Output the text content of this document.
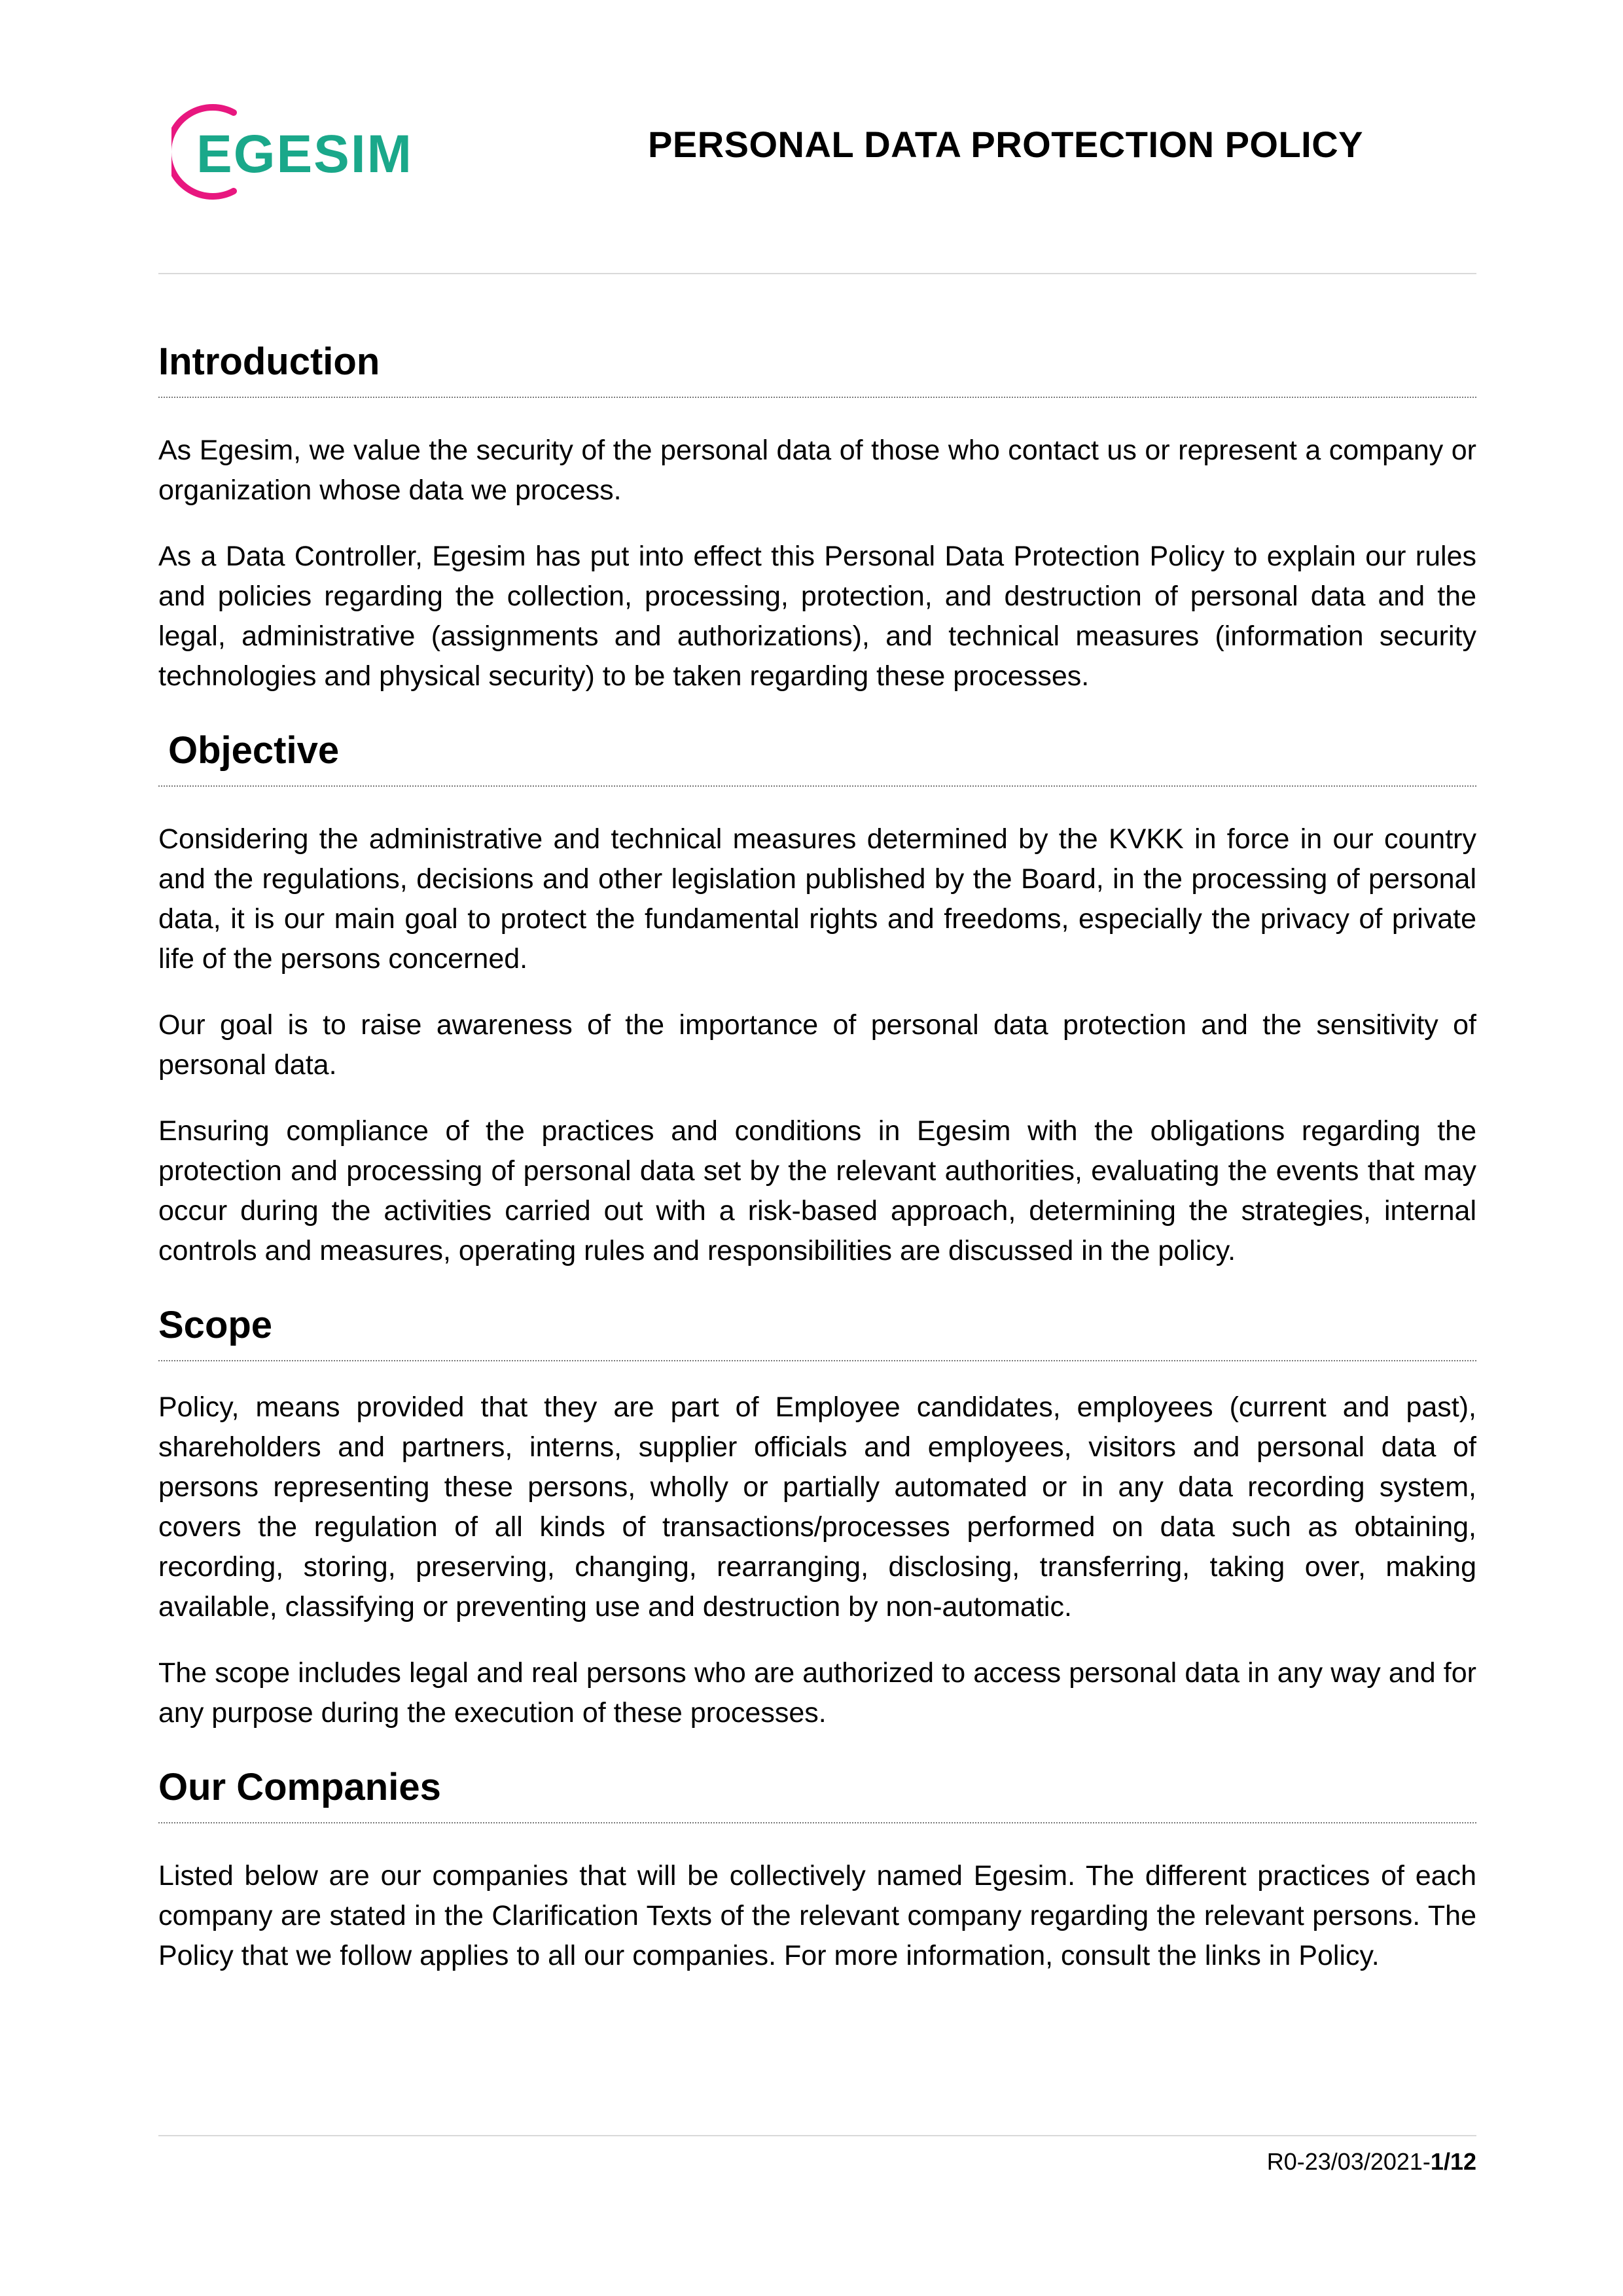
EGESIM	PERSONAL DATA PROTECTION POLICY
Introduction

As Egesim, we value the security of the personal data of those who contact us or represent a company or organization whose data we process.

As a Data Controller, Egesim has put into effect this Personal Data Protection Policy to explain our rules and policies regarding the collection, processing, protection, and destruction of personal data and the legal, administrative (assignments and authorizations), and technical measures (information security technologies and physical security) to be taken regarding these processes.

Objective

Considering the administrative and technical measures determined by the KVKK in force in our country and the regulations, decisions and other legislation published by the Board, in the processing of personal data, it is our main goal to protect the fundamental rights and freedoms, especially the privacy of private life of the persons concerned.

Our goal is to raise awareness of the importance of personal data protection and the sensitivity of personal data.

Ensuring compliance of the practices and conditions in Egesim with the obligations regarding the protection and processing of personal data set by the relevant authorities, evaluating the events that may occur during the activities carried out with a risk-based approach, determining the strategies, internal controls and measures, operating rules and responsibilities are discussed in the policy.

Scope

Policy, means provided that they are part of Employee candidates, employees (current and past), shareholders and partners, interns, supplier officials and employees, visitors and personal data of persons representing these persons, wholly or partially automated or in any data recording system, covers the regulation of all kinds of transactions/processes performed on data such as obtaining, recording, storing, preserving, changing, rearranging, disclosing, transferring, taking over, making available, classifying or preventing use and destruction by non-automatic.

The scope includes legal and real persons who are authorized to access personal data in any way and for any purpose during the execution of these processes.

Our Companies

Listed below are our companies that will be collectively named Egesim. The different practices of each company are stated in the Clarification Texts of the relevant company regarding the relevant persons. The Policy that we follow applies to all our companies. For more information, consult the links in Policy.

R0-23/03/2021-1/12
